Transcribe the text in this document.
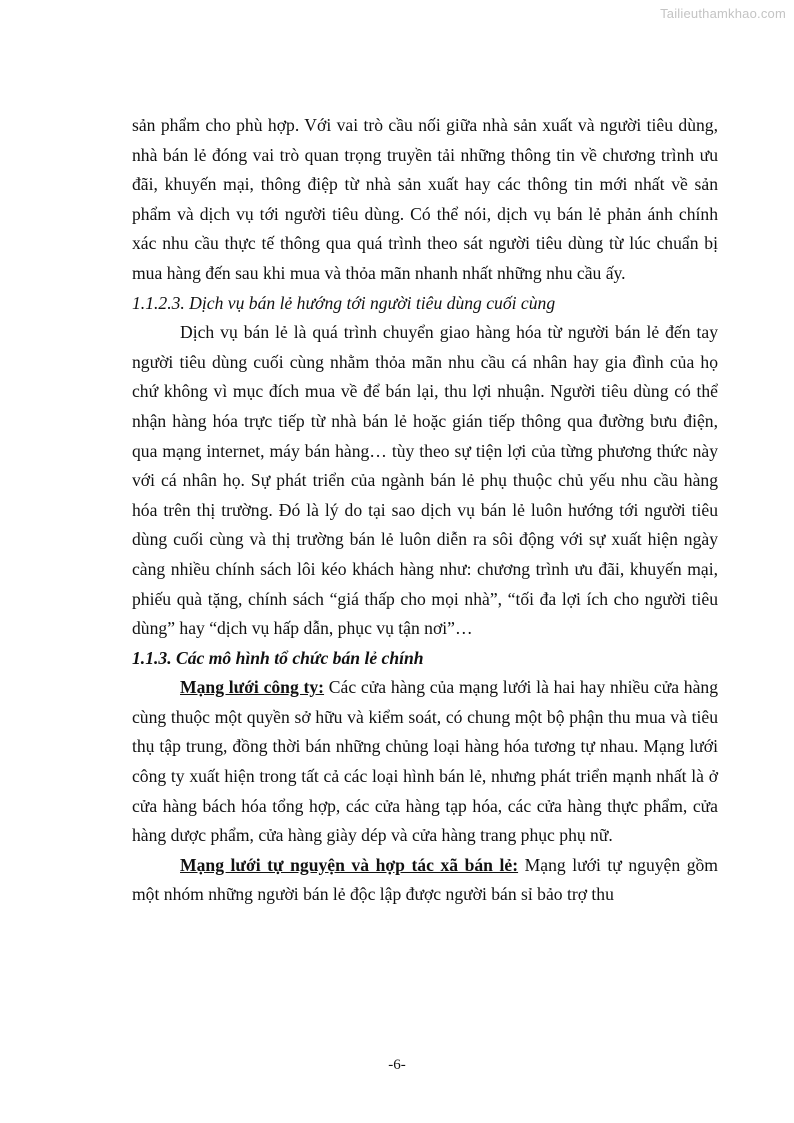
Tailieuthamkhao.com

sản phẩm cho phù hợp. Với vai trò cầu nối giữa nhà sản xuất và người tiêu dùng, nhà bán lẻ đóng vai trò quan trọng truyền tải những thông tin về chương trình ưu đãi, khuyến mại, thông điệp từ nhà sản xuất hay các thông tin mới nhất về sản phẩm và dịch vụ tới người tiêu dùng. Có thể nói, dịch vụ bán lẻ phản ánh chính xác nhu cầu thực tế thông qua quá trình theo sát người tiêu dùng từ lúc chuẩn bị mua hàng đến sau khi mua và thỏa mãn nhanh nhất những nhu cầu ấy.

1.1.2.3. Dịch vụ bán lẻ hướng tới người tiêu dùng cuối cùng

Dịch vụ bán lẻ là quá trình chuyển giao hàng hóa từ người bán lẻ đến tay người tiêu dùng cuối cùng nhằm thỏa mãn nhu cầu cá nhân hay gia đình của họ chứ không vì mục đích mua về để bán lại, thu lợi nhuận. Người tiêu dùng có thể nhận hàng hóa trực tiếp từ nhà bán lẻ hoặc gián tiếp thông qua đường bưu điện, qua mạng internet, máy bán hàng… tùy theo sự tiện lợi của từng phương thức này với cá nhân họ. Sự phát triển của ngành bán lẻ phụ thuộc chủ yếu nhu cầu hàng hóa trên thị trường. Đó là lý do tại sao dịch vụ bán lẻ luôn hướng tới người tiêu dùng cuối cùng và thị trường bán lẻ luôn diễn ra sôi động với sự xuất hiện ngày càng nhiều chính sách lôi kéo khách hàng như: chương trình ưu đãi, khuyến mại, phiếu quà tặng, chính sách “giá thấp cho mọi nhà”, “tối đa lợi ích cho người tiêu dùng” hay “dịch vụ hấp dẫn, phục vụ tận nơi”…

1.1.3. Các mô hình tổ chức bán lẻ chính

Mạng lưới công ty: Các cửa hàng của mạng lưới là hai hay nhiều cửa hàng cùng thuộc một quyền sở hữu và kiểm soát, có chung một bộ phận thu mua và tiêu thụ tập trung, đồng thời bán những chủng loại hàng hóa tương tự nhau. Mạng lưới công ty xuất hiện trong tất cả các loại hình bán lẻ, nhưng phát triển mạnh nhất là ở cửa hàng bách hóa tổng hợp, các cửa hàng tạp hóa, các cửa hàng thực phẩm, cửa hàng dược phẩm, cửa hàng giày dép và cửa hàng trang phục phụ nữ.

Mạng lưới tự nguyện và hợp tác xã bán lẻ: Mạng lưới tự nguyện gồm một nhóm những người bán lẻ độc lập được người bán sỉ bảo trợ thu

-6-
